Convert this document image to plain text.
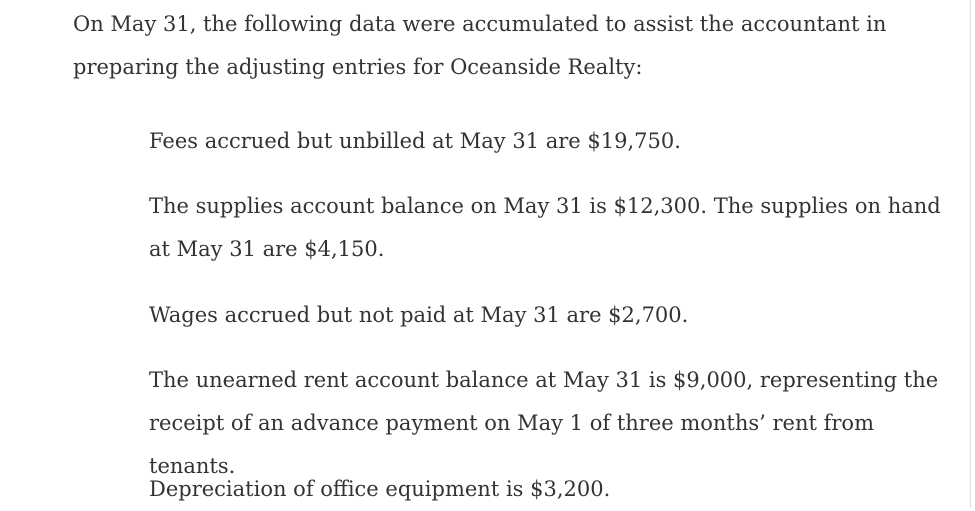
On May 31, the following data were accumulated to assist the accountant in preparing the adjusting entries for Oceanside Realty:

Fees accrued but unbilled at May 31 are $19,750.

The supplies account balance on May 31 is $12,300. The supplies on hand at May 31 are $4,150.

Wages accrued but not paid at May 31 are $2,700.

The unearned rent account balance at May 31 is $9,000, representing the receipt of an advance payment on May 1 of three months’ rent from tenants.

Depreciation of office equipment is $3,200.
